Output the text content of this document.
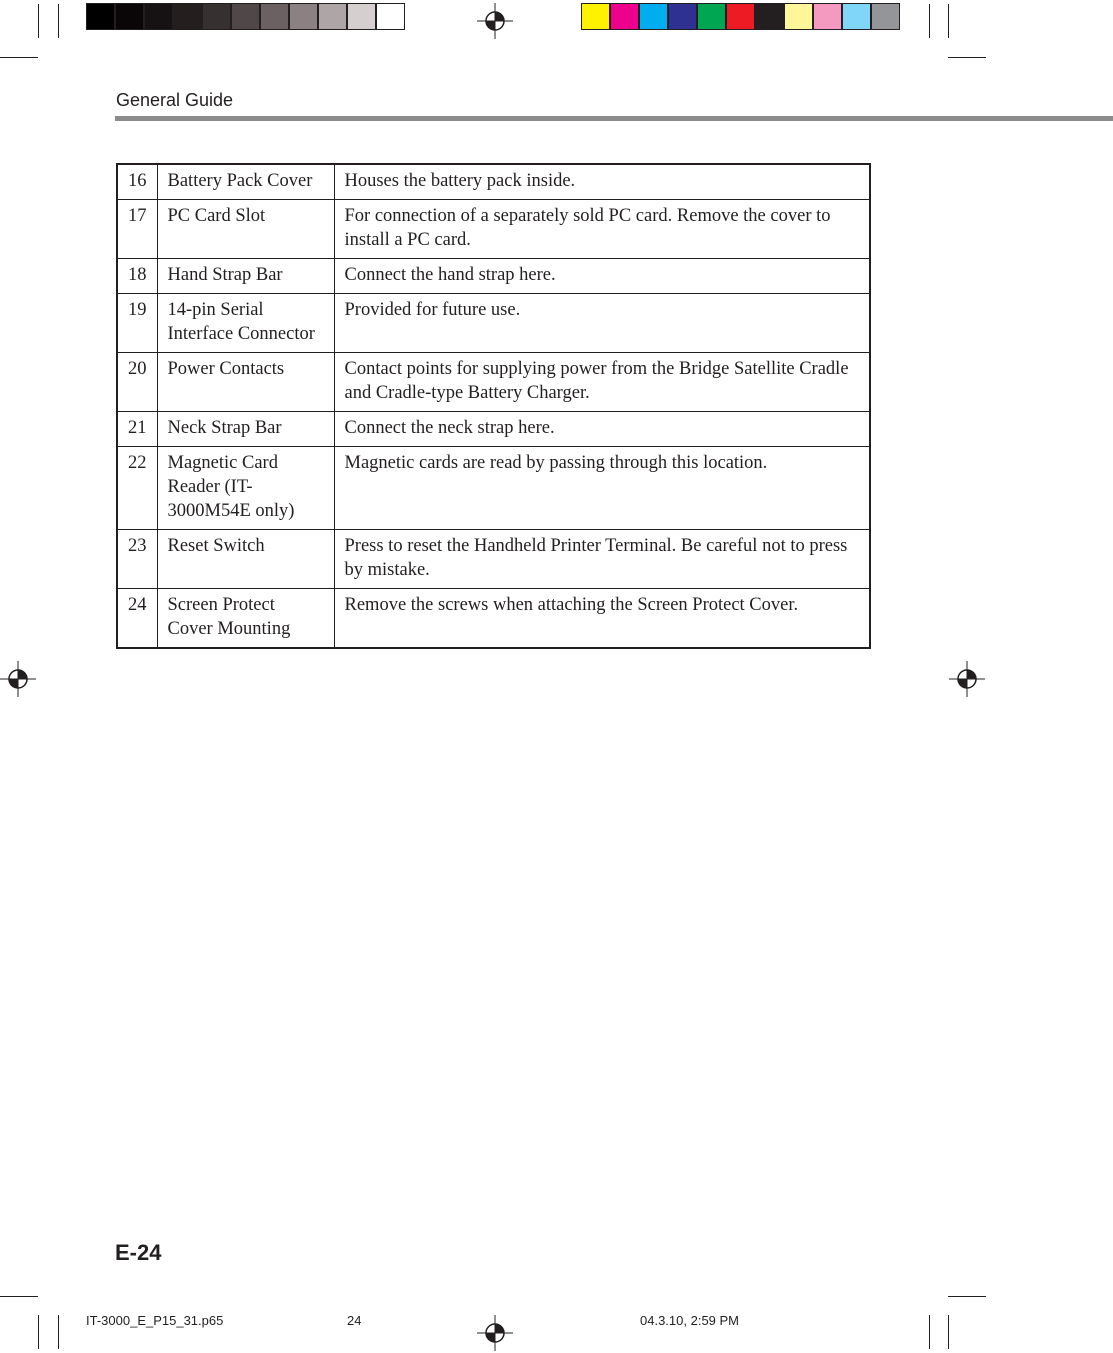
General Guide
16	Battery Pack Cover	Houses the battery pack inside.
17	PC Card Slot	For connection of a separately sold PC card. Remove the cover to install a PC card.
18	Hand Strap Bar	Connect the hand strap here.
19	14-pin Serial Interface Connector	Provided for future use.
20	Power Contacts	Contact points for supplying power from the Bridge Satellite Cradle and Cradle-type Battery Charger.
21	Neck Strap Bar	Connect the neck strap here.
22	Magnetic Card Reader (IT-3000M54E only)	Magnetic cards are read by passing through this location.
23	Reset Switch	Press to reset the Handheld Printer Terminal. Be careful not to press by mistake.
24	Screen Protect Cover Mounting	Remove the screws when attaching the Screen Protect Cover.
E-24
IT-3000_E_P15_31.p65	24	04.3.10, 2:59 PM
